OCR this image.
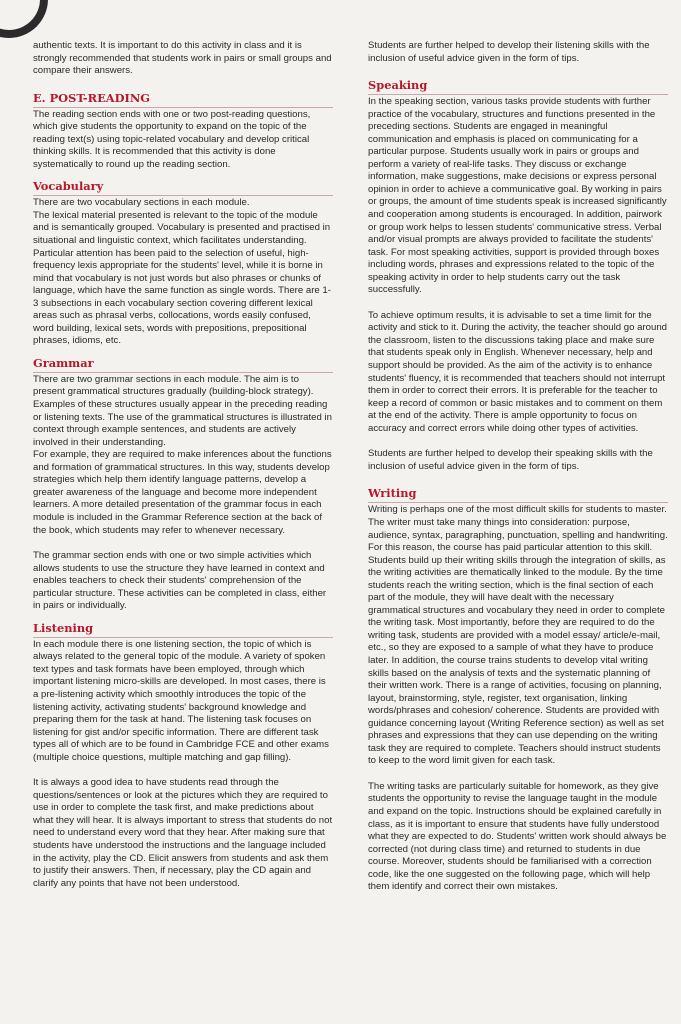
authentic texts. It is important to do this activity in class and it is strongly recommended that students work in pairs or small groups and compare their answers.

E. POST-READING

The reading section ends with one or two post-reading questions, which give students the opportunity to expand on the topic of the reading text(s) using topic-related vocabulary and develop critical thinking skills. It is recommended that this activity is done systematically to round up the reading section.

Vocabulary

There are two vocabulary sections in each module.

The lexical material presented is relevant to the topic of the module and is semantically grouped. Vocabulary is presented and practised in situational and linguistic context, which facilitates understanding. Particular attention has been paid to the selection of useful, high-frequency lexis appropriate for the students' level, while it is borne in mind that vocabulary is not just words but also phrases or chunks of language, which have the same function as single words. There are 1-3 subsections in each vocabulary section covering different lexical areas such as phrasal verbs, collocations, words easily confused, word building, lexical sets, words with prepositions, prepositional phrases, idioms, etc.

Grammar

There are two grammar sections in each module. The aim is to present grammatical structures gradually (building-block strategy). Examples of these structures usually appear in the preceding reading or listening texts. The use of the grammatical structures is illustrated in context through example sentences, and students are actively involved in their understanding.

For example, they are required to make inferences about the functions and formation of grammatical structures. In this way, students develop strategies which help them identify language patterns, develop a greater awareness of the language and become more independent learners. A more detailed presentation of the grammar focus in each module is included in the Grammar Reference section at the back of the book, which students may refer to whenever necessary.

The grammar section ends with one or two simple activities which allows students to use the structure they have learned in context and enables teachers to check their students' comprehension of the particular structure. These activities can be completed in class, either in pairs or individually.

Listening

In each module there is one listening section, the topic of which is always related to the general topic of the module. A variety of spoken text types and task formats have been employed, through which important listening micro-skills are developed. In most cases, there is a pre-listening activity which smoothly introduces the topic of the listening activity, activating students' background knowledge and preparing them for the task at hand. The listening task focuses on listening for gist and/or specific information. There are different task types all of which are to be found in Cambridge FCE and other exams (multiple choice questions, multiple matching and gap filling).

It is always a good idea to have students read through the questions/sentences or look at the pictures which they are required to use in order to complete the task first, and make predictions about what they will hear. It is always important to stress that students do not need to understand every word that they hear. After making sure that students have understood the instructions and the language included in the activity, play the CD. Elicit answers from students and ask them to justify their answers. Then, if necessary, play the CD again and clarify any points that have not been understood.

Students are further helped to develop their listening skills with the inclusion of useful advice given in the form of tips.

Speaking

In the speaking section, various tasks provide students with further practice of the vocabulary, structures and functions presented in the preceding sections. Students are engaged in meaningful communication and emphasis is placed on communicating for a particular purpose. Students usually work in pairs or groups and perform a variety of real-life tasks. They discuss or exchange information, make suggestions, make decisions or express personal opinion in order to achieve a communicative goal. By working in pairs or groups, the amount of time students speak is increased significantly and cooperation among students is encouraged. In addition, pairwork or group work helps to lessen students' communicative stress. Verbal and/or visual prompts are always provided to facilitate the students' task. For most speaking activities, support is provided through boxes including words, phrases and expressions related to the topic of the speaking activity in order to help students carry out the task successfully.

To achieve optimum results, it is advisable to set a time limit for the activity and stick to it. During the activity, the teacher should go around the classroom, listen to the discussions taking place and make sure that students speak only in English. Whenever necessary, help and support should be provided. As the aim of the activity is to enhance students' fluency, it is recommended that teachers should not interrupt them in order to correct their errors. It is preferable for the teacher to keep a record of common or basic mistakes and to comment on them at the end of the activity. There is ample opportunity to focus on accuracy and correct errors while doing other types of activities.

Students are further helped to develop their speaking skills with the inclusion of useful advice given in the form of tips.

Writing

Writing is perhaps one of the most difficult skills for students to master. The writer must take many things into consideration: purpose, audience, syntax, paragraphing, punctuation, spelling and handwriting. For this reason, the course has paid particular attention to this skill. Students build up their writing skills through the integration of skills, as the writing activities are thematically linked to the module. By the time students reach the writing section, which is the final section of each part of the module, they will have dealt with the necessary grammatical structures and vocabulary they need in order to complete the writing task. Most importantly, before they are required to do the writing task, students are provided with a model essay/ article/e-mail, etc., so they are exposed to a sample of what they have to produce later. In addition, the course trains students to develop vital writing skills based on the analysis of texts and the systematic planning of their written work. There is a range of activities, focusing on planning, layout, brainstorming, style, register, text organisation, linking words/phrases and cohesion/ coherence. Students are provided with guidance concerning layout (Writing Reference section) as well as set phrases and expressions that they can use depending on the writing task they are required to complete. Teachers should instruct students to keep to the word limit given for each task.

The writing tasks are particularly suitable for homework, as they give students the opportunity to revise the language taught in the module and expand on the topic. Instructions should be explained carefully in class, as it is important to ensure that students have fully understood what they are expected to do. Students' written work should always be corrected (not during class time) and returned to students in due course. Moreover, students should be familiarised with a correction code, like the one suggested on the following page, which will help them identify and correct their own mistakes.
